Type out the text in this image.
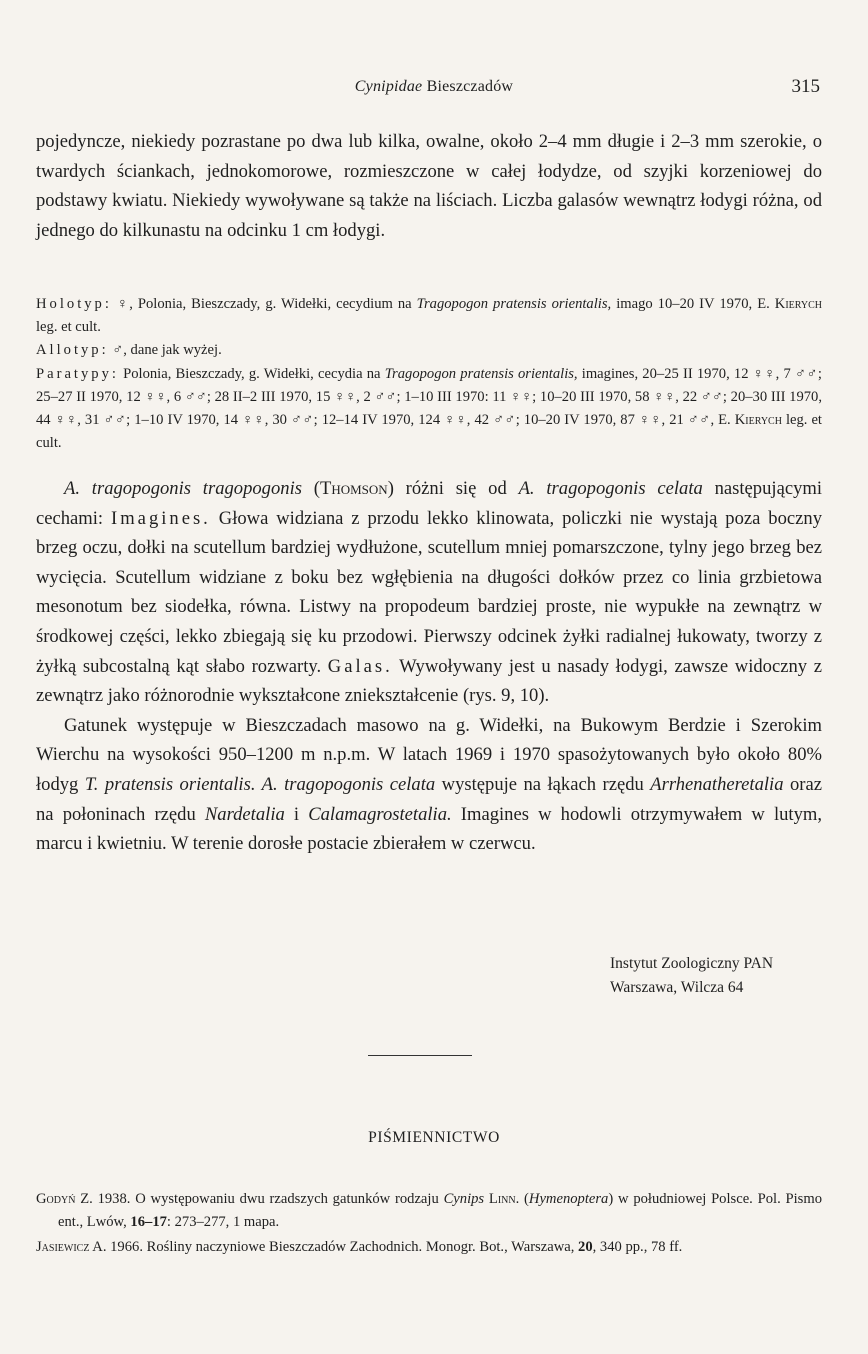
Cynipidae Bieszczadów	315

pojedyncze, niekiedy pozrastane po dwa lub kilka, owalne, około 2–4 mm długie i 2–3 mm szerokie, o twardych ściankach, jednokomorowe, rozmieszczone w całej łodydze, od szyjki korzeniowej do podstawy kwiatu. Niekiedy wywoływane są także na liściach. Liczba galasów wewnątrz łodygi różna, od jednego do kilkunastu na odcinku 1 cm łodygi.

Holotyp: ♀, Polonia, Bieszczady, g. Widełki, cecydium na Tragopogon pratensis orientalis, imago 10–20 IV 1970, E. Kierych leg. et cult.

Allotyp: ♂, dane jak wyżej.

Paratypy: Polonia, Bieszczady, g. Widełki, cecydia na Tragopogon pratensis orientalis, imagines, 20–25 II 1970, 12 ♀♀, 7 ♂♂; 25–27 II 1970, 12 ♀♀, 6 ♂♂; 28 II–2 III 1970, 15 ♀♀, 2 ♂♂; 1–10 III 1970: 11 ♀♀; 10–20 III 1970, 58 ♀♀, 22 ♂♂; 20–30 III 1970, 44 ♀♀, 31 ♂♂; 1–10 IV 1970, 14 ♀♀, 30 ♂♂; 12–14 IV 1970, 124 ♀♀, 42 ♂♂; 10–20 IV 1970, 87 ♀♀, 21 ♂♂, E. Kierych leg. et cult.

A. tragopogonis tragopogonis (Thomson) różni się od A. tragopogonis celata następującymi cechami: Imagines. Głowa widziana z przodu lekko klinowata, policzki nie wystają poza boczny brzeg oczu, dołki na scutellum bardziej wydłużone, scutellum mniej pomarszczone, tylny jego brzeg bez wycięcia. Scutellum widziane z boku bez wgłębienia na długości dołków przez co linia grzbietowa mesonotum bez siodełka, równa. Listwy na propodeum bardziej proste, nie wypukłe na zewnątrz w środkowej części, lekko zbiegają się ku przodowi. Pierwszy odcinek żyłki radialnej łukowaty, tworzy z żyłką subcostalną kąt słabo rozwarty. Galas. Wywoływany jest u nasady łodygi, zawsze widoczny z zewnątrz jako różnorodnie wykształcone zniekształcenie (rys. 9, 10).

Gatunek występuje w Bieszczadach masowo na g. Widełki, na Bukowym Berdzie i Szerokim Wierchu na wysokości 950–1200 m n.p.m. W latach 1969 i 1970 spasożytowanych było około 80% łodyg T. pratensis orientalis. A. tragopogonis celata występuje na łąkach rzędu Arrhenatheretalia oraz na połoninach rzędu Nardetalia i Calamagrostetalia. Imagines w hodowli otrzymywałem w lutym, marcu i kwietniu. W terenie dorosłe postacie zbierałem w czerwcu.

Instytut Zoologiczny PAN
Warszawa, Wilcza 64
PIŚMIENNICTWO

Godyń Z. 1938. O występowaniu dwu rzadszych gatunków rodzaju Cynips Linn. (Hymenoptera) w południowej Polsce. Pol. Pismo ent., Lwów, 16–17: 273–277, 1 mapa.

Jasiewicz A. 1966. Rośliny naczyniowe Bieszczadów Zachodnich. Monogr. Bot., Warszawa, 20, 340 pp., 78 ff.
